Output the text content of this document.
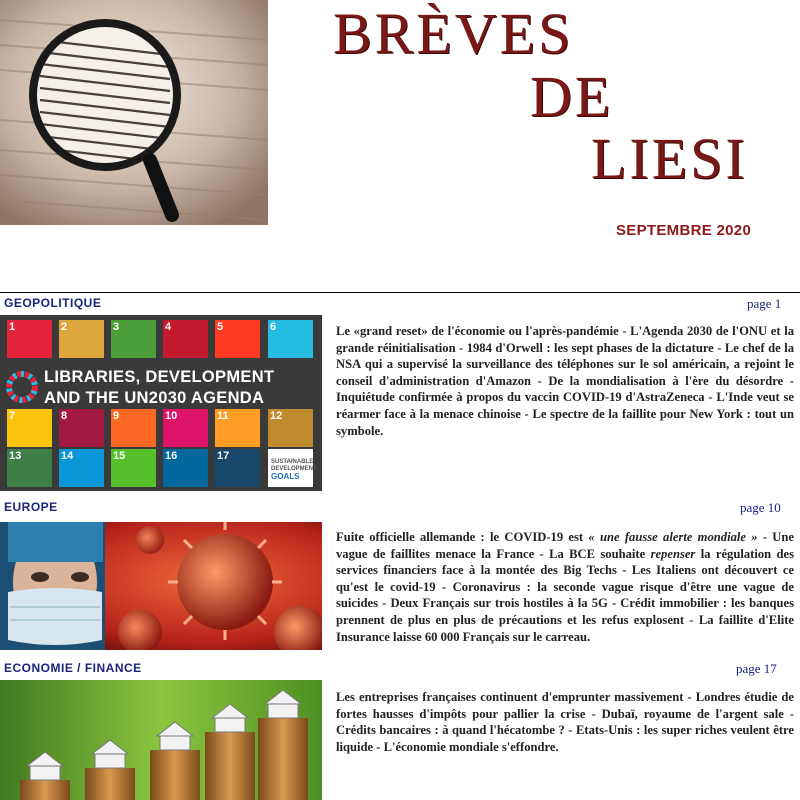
BRÈVES
DE
LIESI
SEPTEMBRE 2020
GEOPOLITIQUE	page 1
1	2	3	4	5	6
LIBRARIES, DEVELOPMENT
AND THE UN2030 AGENDA
7	8	9	10	11	12
13	14	15	16	17	SUSTAINABLE
DEVELOPMENT
GOALS
Le «grand reset» de l'économie ou l'après-pandémie - L'Agenda 2030 de l'ONU et la grande réinitialisation - 1984 d'Orwell : les sept phases de la dictature - Le chef de la NSA qui a supervisé la surveillance des téléphones sur le sol américain, a rejoint le conseil d'administration d'Amazon - De la mondialisation à l'ère du désordre - Inquiétude confirmée à propos du vaccin COVID-19 d'AstraZeneca - L'Inde veut se réarmer face à la menace chinoise - Le spectre de la faillite pour New York : tout un symbole.
EUROPE	page 10
Fuite officielle allemande : le COVID-19 est « une fausse alerte mondiale » - Une vague de faillites menace la France - La BCE souhaite repenser la régulation des services financiers face à la montée des Big Techs - Les Italiens ont découvert ce qu'est le covid-19 - Coronavirus : la seconde vague risque d'être une vague de suicides - Deux Français sur trois hostiles à la 5G - Crédit immobilier : les banques prennent de plus en plus de précautions et les refus explosent - La faillite d'Elite Insurance laisse 60 000 Français sur le carreau.
ECONOMIE / FINANCE	page 17
Les entreprises françaises continuent d'emprunter massivement - Londres étudie de fortes hausses d'impôts pour pallier la crise - Dubaï, royaume de l'argent sale - Crédits bancaires : à quand l'hécatombe ? - Etats-Unis : les super riches veulent être liquide - L'économie mondiale s'effondre.
